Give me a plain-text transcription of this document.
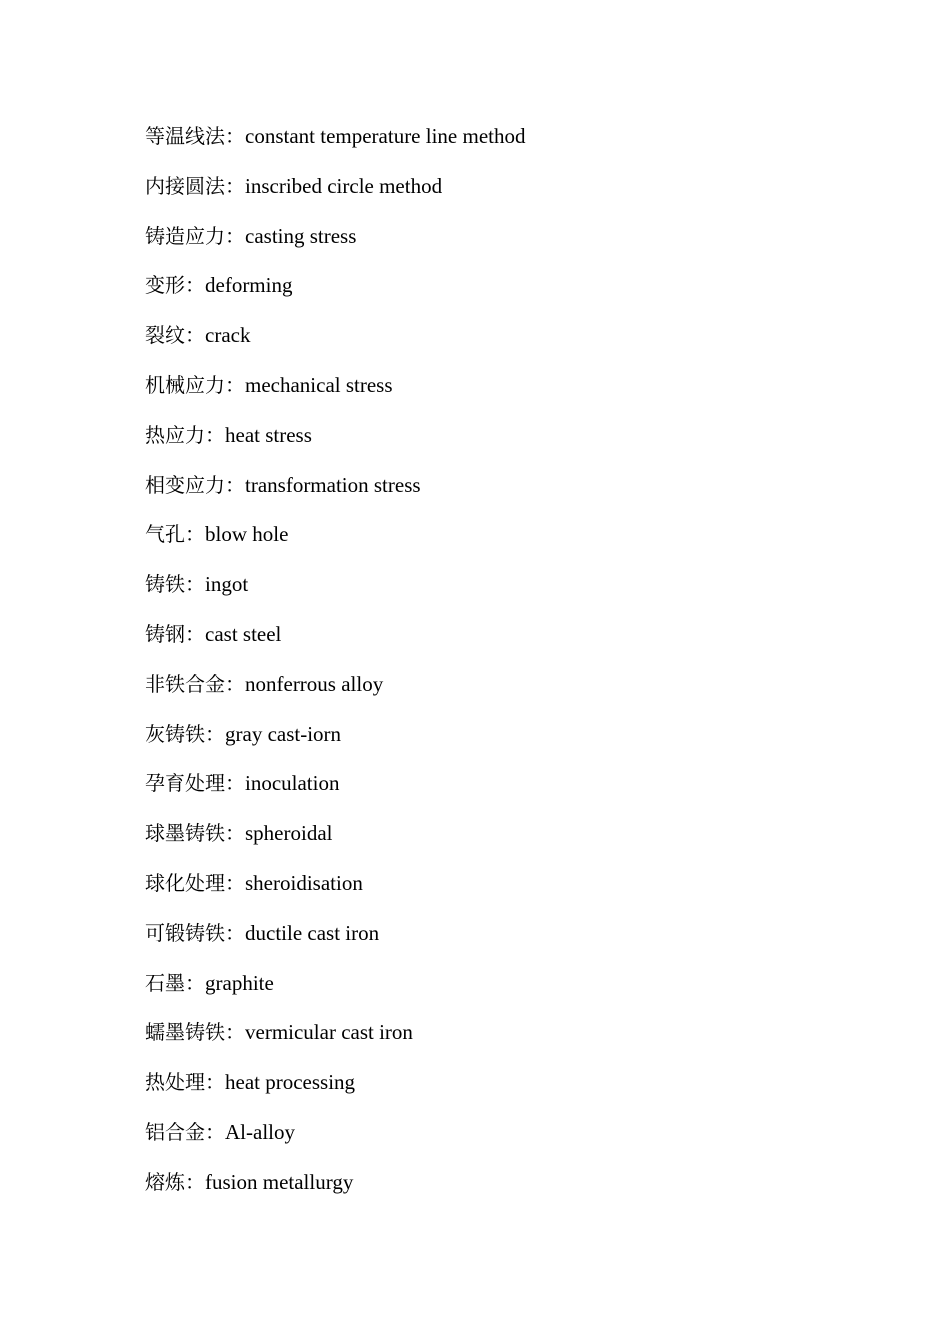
等温线法：constant temperature line method
内接圆法：inscribed circle method
铸造应力：casting stress
变形：deforming
裂纹：crack
机械应力：mechanical stress
热应力：heat stress
相变应力：transformation stress
气孔：blow hole
铸铁：ingot
铸钢：cast steel
非铁合金：nonferrous alloy
灰铸铁：gray cast-iorn
孕育处理：inoculation
球墨铸铁：spheroidal
球化处理：sheroidisation
可锻铸铁：ductile cast iron
石墨：graphite
蠕墨铸铁：vermicular cast iron
热处理：heat processing
铝合金：Al-alloy
熔炼：fusion metallurgy
